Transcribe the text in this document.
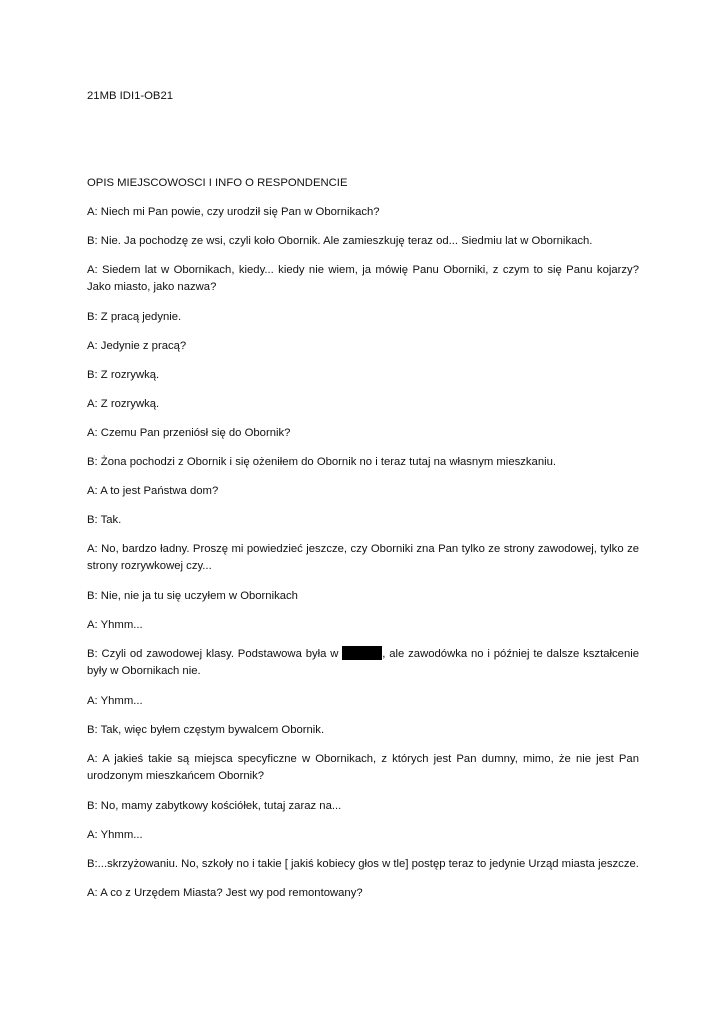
21MB IDI1-OB21
OPIS MIEJSCOWOSCI I INFO O RESPONDENCIE
A: Niech mi Pan powie, czy urodził się Pan w Obornikach?
B: Nie. Ja pochodzę ze wsi, czyli koło Obornik. Ale zamieszkuję teraz od... Siedmiu lat w Obornikach.
A: Siedem lat w Obornikach, kiedy... kiedy nie wiem, ja mówię Panu Oborniki, z czym to się Panu kojarzy? Jako miasto, jako nazwa?
B: Z pracą jedynie.
A: Jedynie z pracą?
B: Z rozrywką.
A: Z rozrywką.
A: Czemu Pan przeniósł się do Obornik?
B: Żona pochodzi z Obornik i się ożeniłem do Obornik no i teraz tutaj na własnym mieszkaniu.
A: A to jest Państwa dom?
B: Tak.
A: No, bardzo ładny. Proszę mi powiedzieć jeszcze, czy Oborniki zna Pan tylko ze strony zawodowej, tylko ze strony rozrywkowej czy...
B: Nie, nie ja tu się uczyłem w Obornikach
A: Yhmm...
B: Czyli od zawodowej klasy. Podstawowa była w	, ale zawodówka no i później te dalsze kształcenie były w Obornikach nie.
A: Yhmm...
B: Tak, więc byłem częstym bywalcem Obornik.
A: A jakieś takie są miejsca specyficzne w Obornikach, z których jest Pan dumny, mimo, że nie jest Pan urodzonym mieszkańcem Obornik?
B: No, mamy zabytkowy kościółek, tutaj zaraz na...
A: Yhmm...
B:...skrzyżowaniu. No, szkoły no i takie [ jakiś kobiecy głos w tle] postęp teraz to jedynie Urząd miasta jeszcze.
A: A co z Urzędem Miasta? Jest wy pod remontowany?
